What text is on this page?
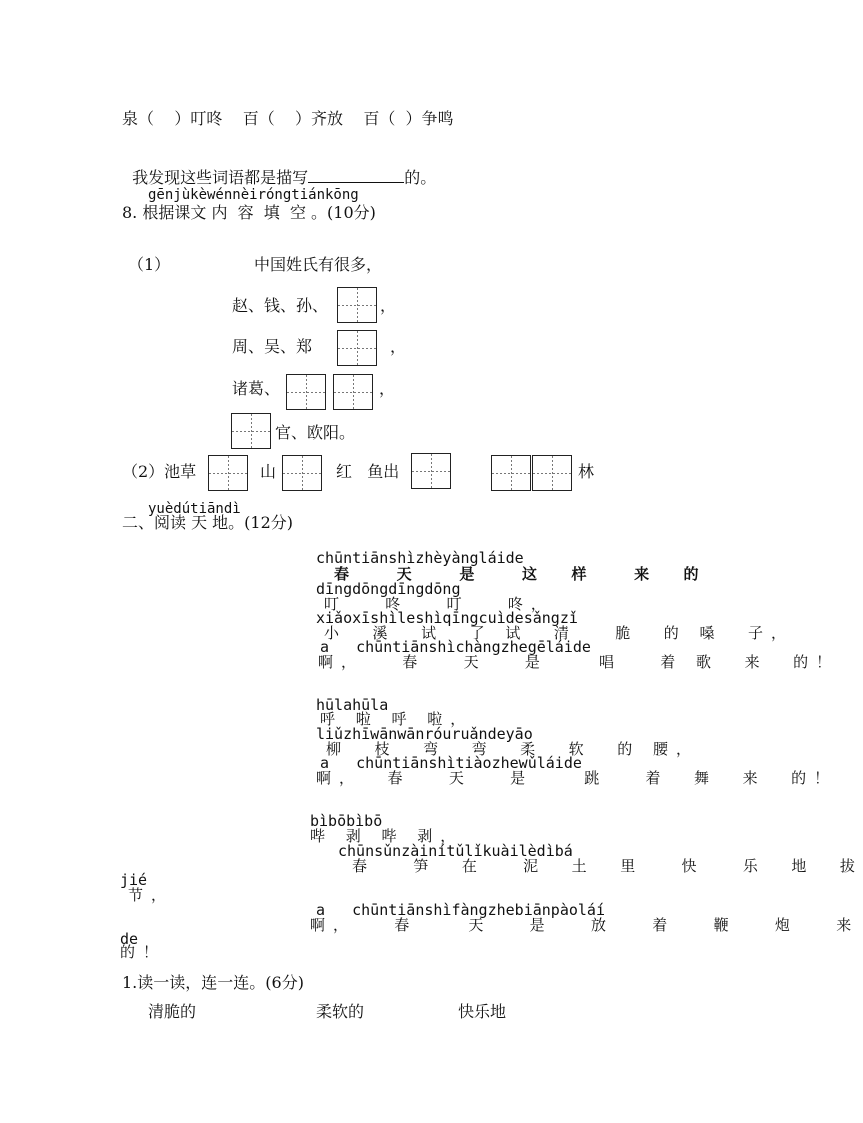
泉（    ）叮咚    百（    ）齐放    百（  ）争鸣

我发现这些词语都是描写	的。

gēnjùkèwénnèiróngtiánkōng
8. 根据课文 内  容  填  空 。(10分)
（1）	中国姓氏有很多，
赵、钱、孙、	，
周、吴、郑	，
诸葛、	，
官、欧阳。
（2）池草	山	红   鱼出	林
yuèdútiāndì
二、阅读 天 地。(12分)
chūntiānshìzhèyàngláide
春   天   是   这  样   来  的
dīngdōngdīngdōng
叮   咚   叮   咚，
xiǎoxīshìleshìqīngcuìdesǎngzǐ
小  溪  试  了 试  清   脆  的 嗓  子，
a   chūntiānshìchàngzhegēláide
啊，   春   天   是    唱   着 歌  来  的！
hūlahūla
呼 啦 呼 啦，
liǔzhīwānwānróuruǎndeyāo
柳  枝  弯  弯  柔  软  的 腰，
a   chūntiānshìtiàozhewǔláide
啊，  春   天   是    跳   着  舞  来  的！
bìbōbìbō
哔 剥 哔 剥，
chūnsǔnzàinítǔlǐkuàilèdìbá
春   笋  在   泥  土  里   快   乐  地  拔
jié
节，
a   chūntiānshìfàngzhebiānpàoláí
啊，   春    天   是   放   着   鞭   炮   来
de
的！
1.读一读，连一连。(6分)
清脆的	柔软的	快乐地
